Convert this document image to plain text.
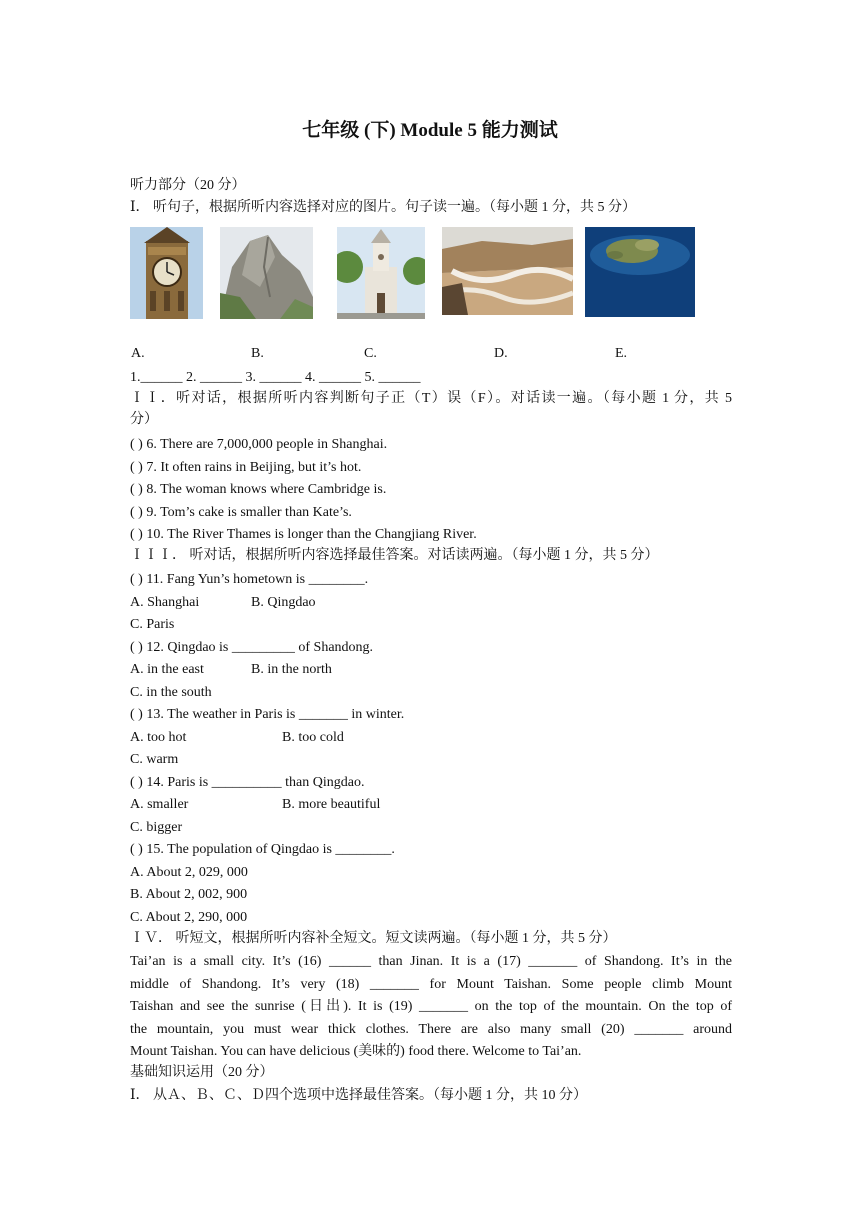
七年级 (下) Module 5 能力测试
听力部分（20 分）
Ⅰ． 听句子，根据所听内容选择对应的图片。句子读一遍。（每小题 1 分，共 5 分）
A.	B.	C.	D.	E.
1.______ 2. ______ 3. ______ 4. ______ 5. ______
ＩＩ．听对话，根据所听内容判断句子正（T）误（F）。对话读一遍。（每小题 1 分，共 5
分）
( ) 6. There are 7,000,000 people in Shanghai.
( ) 7. It often rains in Beijing, but it’s hot.
( ) 8. The woman knows where Cambridge is.
( ) 9. Tom’s cake is smaller than Kate’s.
( ) 10. The River Thames is longer than the Changjiang River.
ＩＩＩ． 听对话，根据所听内容选择最佳答案。对话读两遍。（每小题 1 分，共 5 分）
( ) 11. Fang Yun’s hometown is ________.
A. Shanghai	B. Qingdao
C. Paris
( ) 12. Qingdao is _________ of Shandong.
A. in the east	B. in the north
C. in the south
( ) 13. The weather in Paris is _______ in winter.
A. too hot	B. too cold
C. warm
( ) 14. Paris is __________ than Qingdao.
A. smaller	B. more beautiful
C. bigger
( ) 15. The population of Qingdao is ________.
A. About 2, 029, 000
B. About 2, 002, 900
C. About 2, 290, 000
ＩＶ． 听短文，根据所听内容补全短文。短文读两遍。（每小题 1 分，共 5 分）
Tai’an is a small city. It’s (16) ______ than Jinan. It is a (17) _______ of Shandong. It’s in the
middle of Shandong. It’s very (18) _______ for Mount Taishan. Some people climb Mount
Taishan and see the sunrise (日出). It is (19) _______ on the top of the mountain. On the top of
the mountain, you must wear thick clothes. There are also many small (20) _______ around
Mount Taishan. You can have delicious (美味的) food there. Welcome to Tai’an.
基础知识运用（20 分）
Ⅰ． 从Ａ、Ｂ、Ｃ、Ｄ四个选项中选择最佳答案。（每小题 1 分，共 10 分）
